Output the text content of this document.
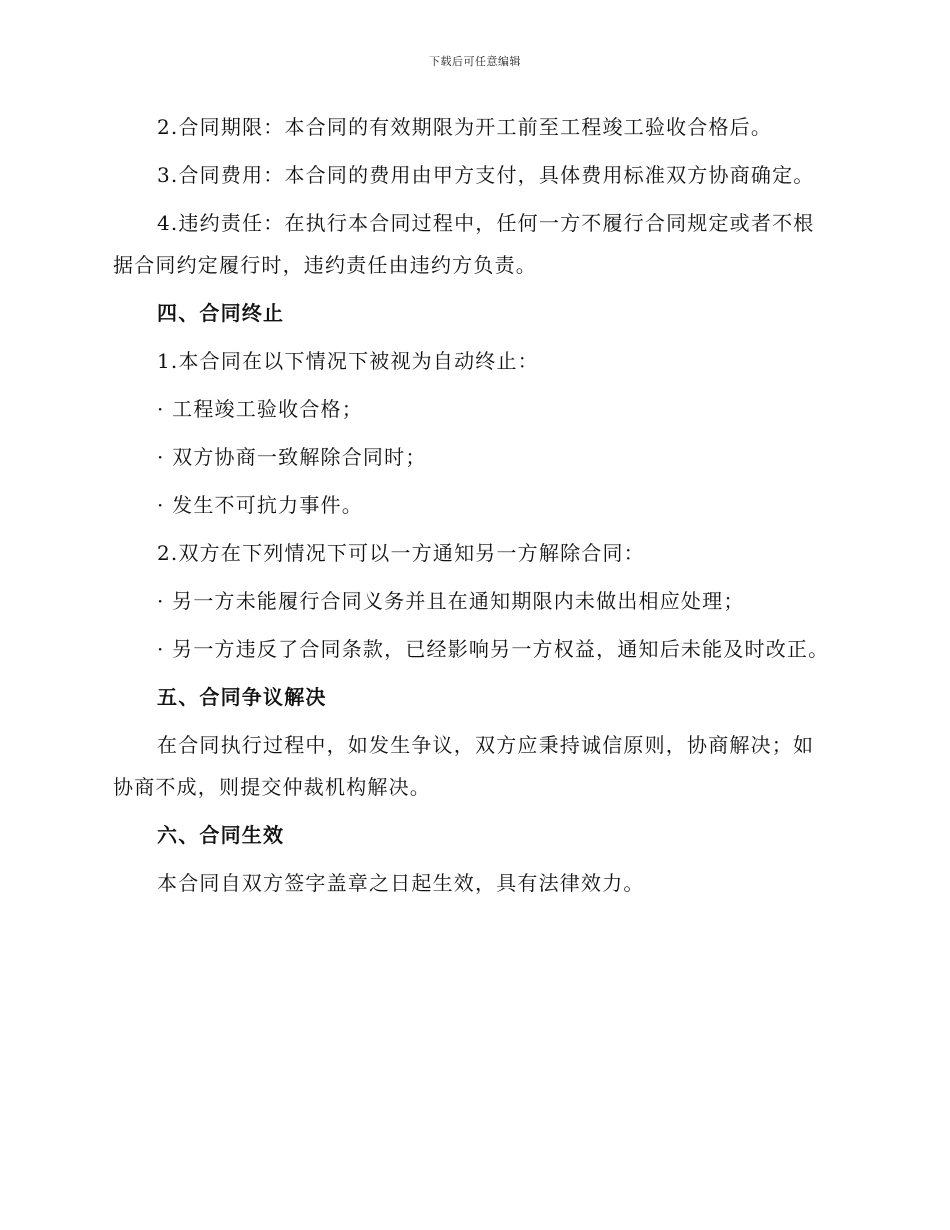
下载后可任意编辑

2.合同期限：本合同的有效期限为开工前至工程竣工验收合格后。

3.合同费用：本合同的费用由甲方支付，具体费用标准双方协商确定。

4.违约责任：在执行本合同过程中，任何一方不履行合同规定或者不根据合同约定履行时，违约责任由违约方负责。

四、合同终止

1.本合同在以下情况下被视为自动终止：

· 工程竣工验收合格；

· 双方协商一致解除合同时；

· 发生不可抗力事件。

2.双方在下列情况下可以一方通知另一方解除合同：

· 另一方未能履行合同义务并且在通知期限内未做出相应处理；

· 另一方违反了合同条款，已经影响另一方权益，通知后未能及时改正。

五、合同争议解决

在合同执行过程中，如发生争议，双方应秉持诚信原则，协商解决；如协商不成，则提交仲裁机构解决。

六、合同生效

本合同自双方签字盖章之日起生效，具有法律效力。
